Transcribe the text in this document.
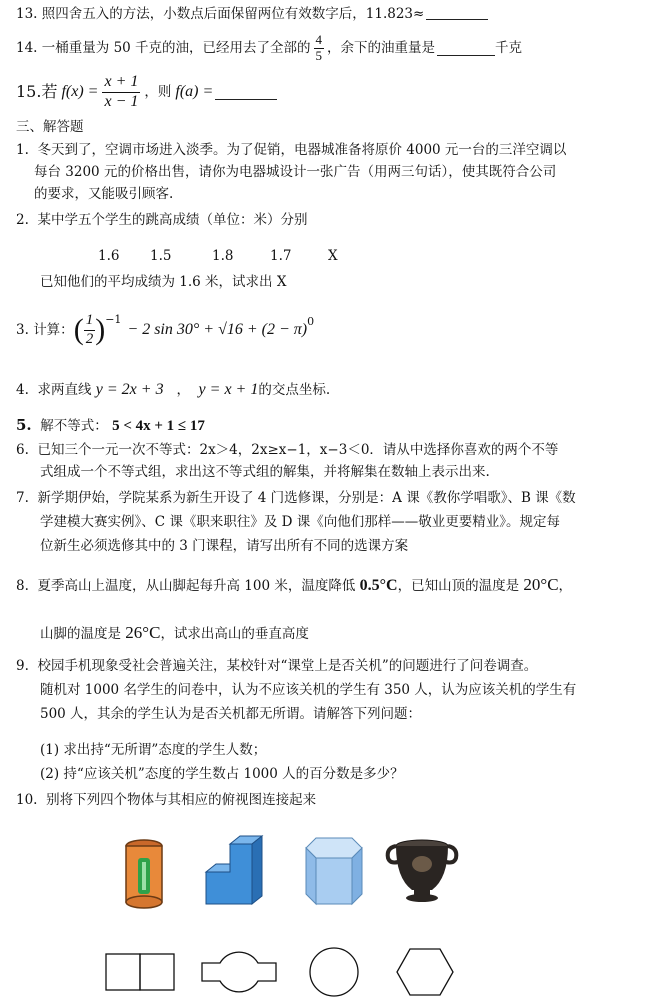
13. 照四舍五入的方法，小数点后面保留两位有效数字后，11.823≈
14.
一桶重量为 50 千克的油，已经用去了全部的 $\frac{4}{5}$ ，余下的油重量是	千克
15. 若 $f(x) = \frac{x + 1}{x - 1}$ ，则 f(a) =
三、解答题
1. 冬天到了，空调市场进入淡季。为了促销，电器城准备将原价 4000 元一台的三洋空调以
每台 3200 元的价格出售，请你为电器城设计一张广告（用两三句话），使其既符合公司
的要求，又能吸引顾客.
2. 某中学五个学生的跳高成绩（单位：米）分别
1.6 1.5	1.8	1.7	X
已知他们的平均成绩为 1.6 米，试求出 X
3.
计算： ( $\frac{1}{2} )^{-1}$
− 2 $\sin 30^\circ + √16 + (2 - \pi)^0$
4. 求两直线 y = 2x + 3 ， y = x + 1的交点坐标.
5. 解不等式： 5 < 4x + 1 ≤ 17
6. 已知三个一元一次不等式：2x＞4，2x≥x−1，x−3＜0．请从中选择你喜欢的两个不等
式组成一个不等式组，求出这不等式组的解集，并将解集在数轴上表示出来.
7. 新学期伊始，学院某系为新生开设了 4 门选修课，分别是：A 课《教你学唱歌》、B 课《数
学建模大赛实例》、C 课《职来职往》及 D 课《向他们那样——敬业更要精业》。规定每
位新生必须选修其中的 3 门课程，请写出所有不同的选课方案
8. 夏季高山上温度，从山脚起每升高 100 米，温度降低 0.5°C，已知山顶的温度是 20°C，
山脚的温度是 26°C，试求出高山的垂直高度
9. 校园手机现象受社会普遍关注，某校针对“课堂上是否关机”的问题进行了问卷调查。
随机对 1000 名学生的问卷中，认为不应该关机的学生有 350 人，认为应该关机的学生有
500 人，其余的学生认为是否关机都无所谓。请解答下列问题：
(1) 求出持“无所谓”态度的学生人数；
(2) 持“应该关机”态度的学生数占 1000 人的百分数是多少？
10. 别将下列四个物体与其相应的俯视图连接起来
